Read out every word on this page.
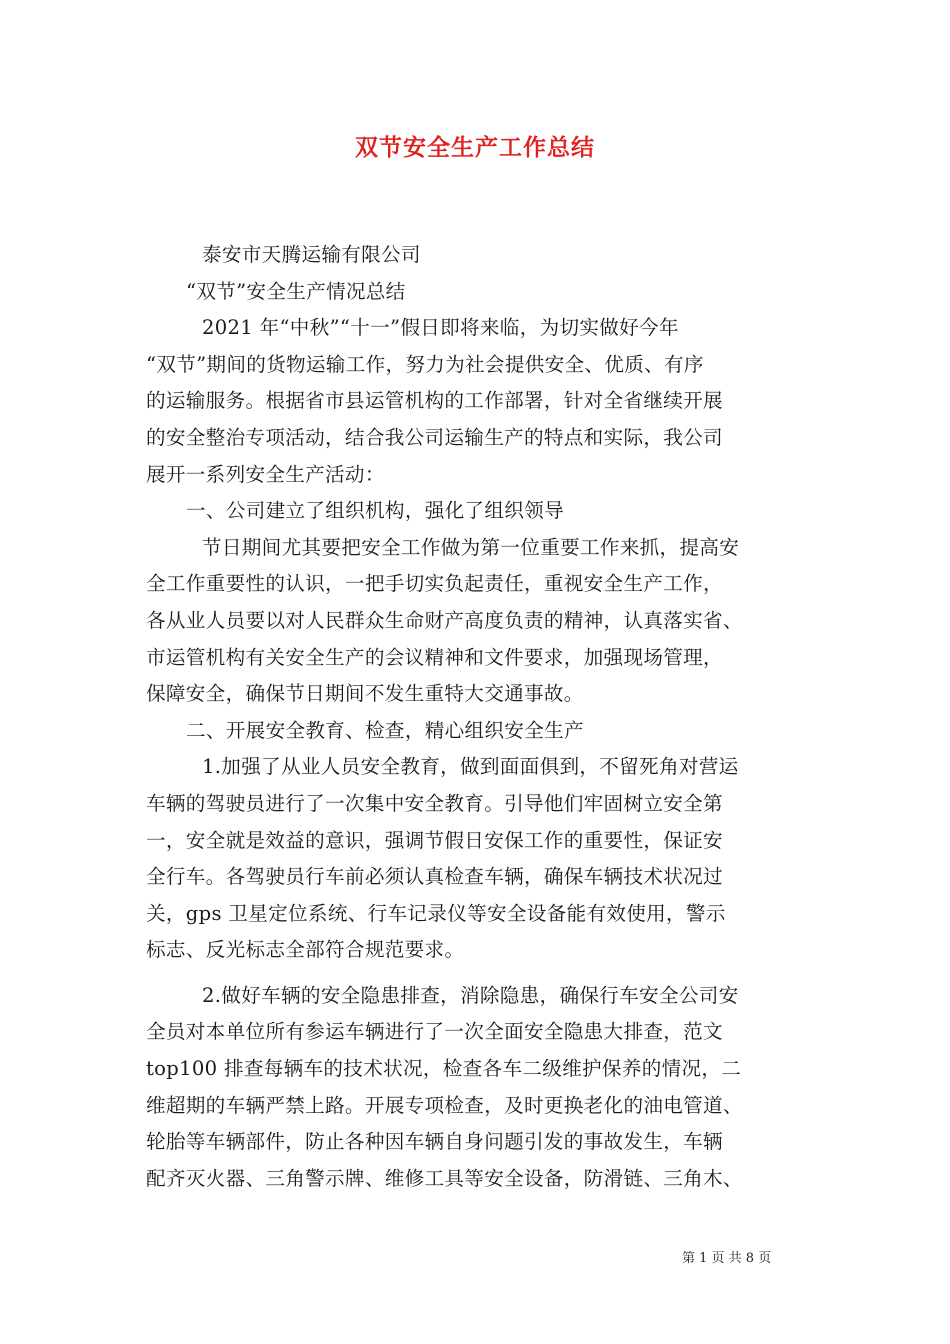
双节安全生产工作总结
泰安市天腾运输有限公司
“双节”安全生产情况总结
2021 年“中秋”“十一”假日即将来临，为切实做好今年
“双节”期间的货物运输工作，努力为社会提供安全、优质、有序
的运输服务。根据省市县运管机构的工作部署，针对全省继续开展
的安全整治专项活动，结合我公司运输生产的特点和实际，我公司
展开一系列安全生产活动：
一、公司建立了组织机构，强化了组织领导
节日期间尤其要把安全工作做为第一位重要工作来抓，提高安
全工作重要性的认识，一把手切实负起责任，重视安全生产工作，
各从业人员要以对人民群众生命财产高度负责的精神，认真落实省、
市运管机构有关安全生产的会议精神和文件要求，加强现场管理，
保障安全，确保节日期间不发生重特大交通事故。
二、开展安全教育、检查，精心组织安全生产
1.加强了从业人员安全教育，做到面面俱到，不留死角对营运
车辆的驾驶员进行了一次集中安全教育。引导他们牢固树立安全第
一，安全就是效益的意识，强调节假日安保工作的重要性，保证安
全行车。各驾驶员行车前必须认真检查车辆，确保车辆技术状况过
关，gps 卫星定位系统、行车记录仪等安全设备能有效使用，警示
标志、反光标志全部符合规范要求。
2.做好车辆的安全隐患排查，消除隐患，确保行车安全公司安
全员对本单位所有参运车辆进行了一次全面安全隐患大排查，范文
top100 排查每辆车的技术状况，检查各车二级维护保养的情况，二
维超期的车辆严禁上路。开展专项检查，及时更换老化的油电管道、
轮胎等车辆部件，防止各种因车辆自身问题引发的事故发生，车辆
配齐灭火器、三角警示牌、维修工具等安全设备，防滑链、三角木、
第 1 页 共 8 页
